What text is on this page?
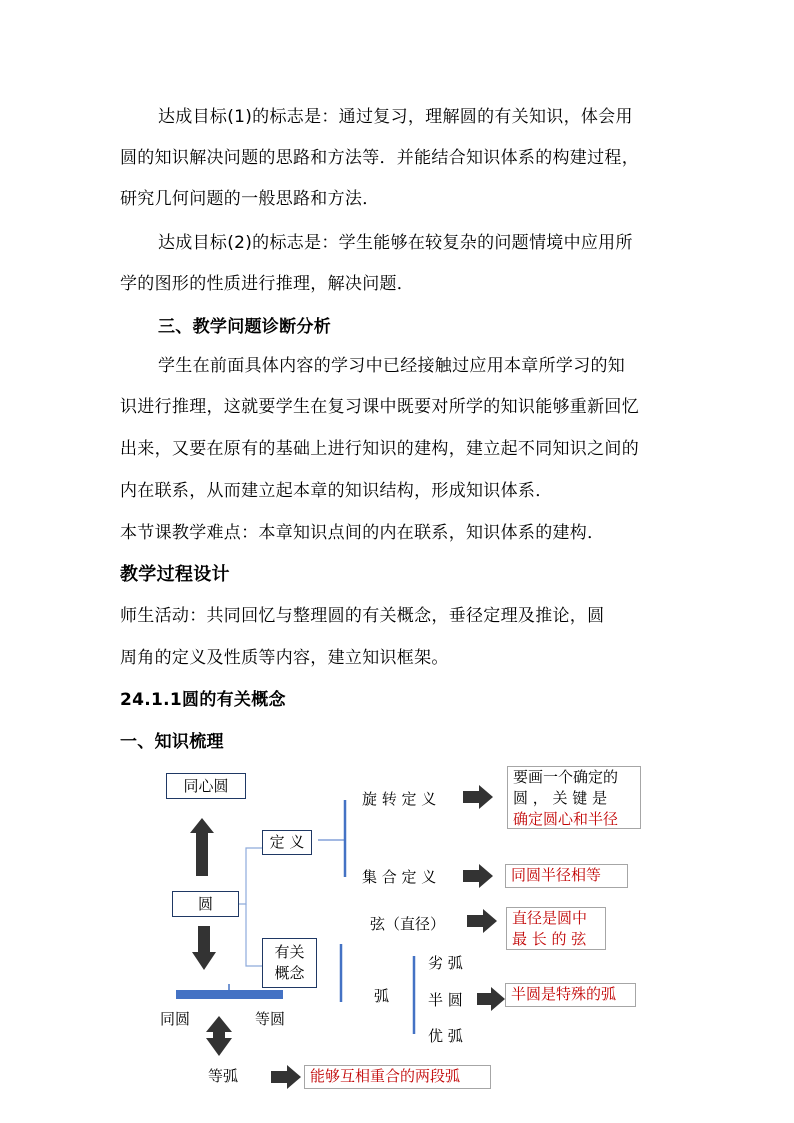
达成目标(1)的标志是：通过复习，理解圆的有关知识，体会用
圆的知识解决问题的思路和方法等．并能结合知识体系的构建过程，
研究几何问题的一般思路和方法．
达成目标(2)的标志是：学生能够在较复杂的问题情境中应用所
学的图形的性质进行推理，解决问题．
三、教学问题诊断分析
学生在前面具体内容的学习中已经接触过应用本章所学习的知
识进行推理，这就要学生在复习课中既要对所学的知识能够重新回忆
出来，又要在原有的基础上进行知识的建构，建立起不同知识之间的
内在联系，从而建立起本章的知识结构，形成知识体系．
本节课教学难点：本章知识点间的内在联系，知识体系的建构．
教学过程设计
师生活动：共同回忆与整理圆的有关概念，垂径定理及推论，圆
周角的定义及性质等内容，建立知识框架。
24.1.1圆的有关概念
一、知识梳理
同心圆
圆
定 义
有关
概念
旋 转 定 义
集 合 定 义
弦（直径）
弧
劣 弧
半 圆
优 弧
同圆	等圆
等弧
要画一个确定的
圆 ， 关 键 是
确定圆心和半径
同圆半径相等
直径是圆中
最 长 的 弦
半圆是特殊的弧
能够互相重合的两段弧
